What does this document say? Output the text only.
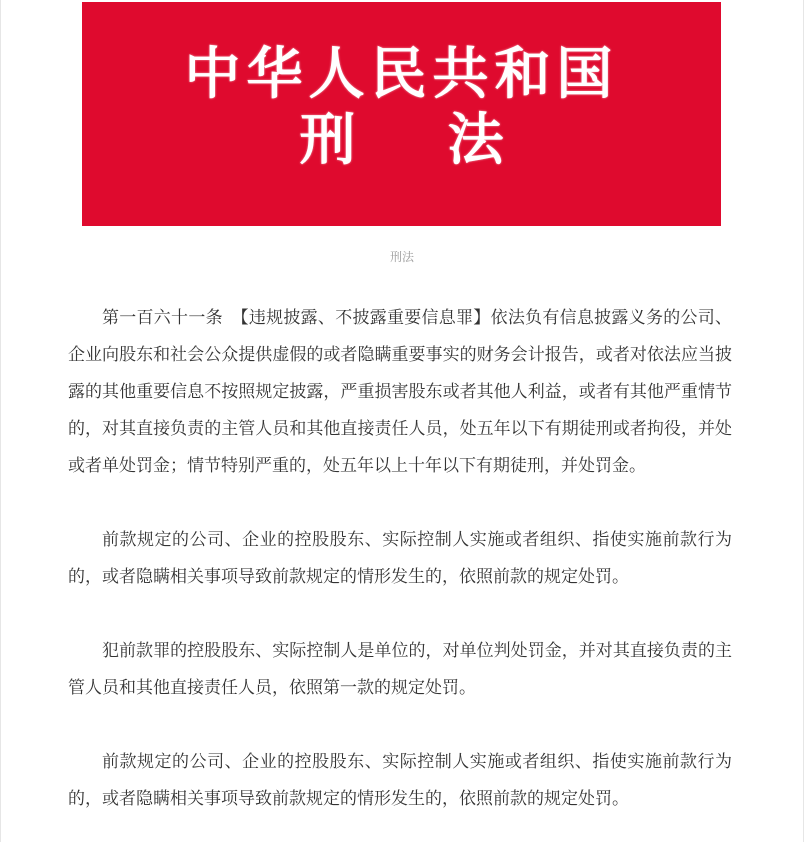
中华人民共和国
刑 法
刑法

第一百六十一条　【违规披露、不披露重要信息罪】依法负有信息披露义务的公司、企业向股东和社会公众提供虚假的或者隐瞒重要事实的财务会计报告，或者对依法应当披露的其他重要信息不按照规定披露，严重损害股东或者其他人利益，或者有其他严重情节的，对其直接负责的主管人员和其他直接责任人员，处五年以下有期徒刑或者拘役，并处或者单处罚金；情节特别严重的，处五年以上十年以下有期徒刑，并处罚金。

前款规定的公司、企业的控股股东、实际控制人实施或者组织、指使实施前款行为的，或者隐瞒相关事项导致前款规定的情形发生的，依照前款的规定处罚。

犯前款罪的控股股东、实际控制人是单位的，对单位判处罚金，并对其直接负责的主管人员和其他直接责任人员，依照第一款的规定处罚。

前款规定的公司、企业的控股股东、实际控制人实施或者组织、指使实施前款行为的，或者隐瞒相关事项导致前款规定的情形发生的，依照前款的规定处罚。
